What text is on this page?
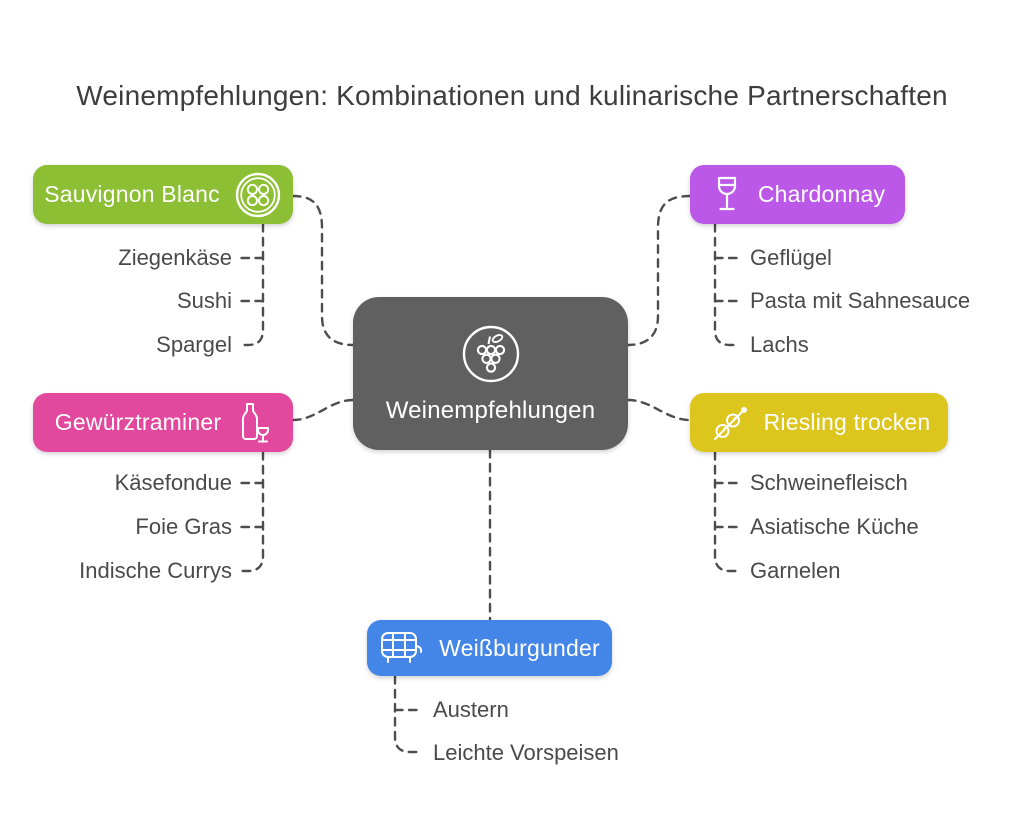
Weinempfehlungen: Kombinationen und kulinarische Partnerschaften
Weinempfehlungen
Sauvignon Blanc	Chardonnay
Gewürztraminer	Riesling trocken
Weißburgunder
Ziegenkäse
Sushi
Spargel
Geflügel
Pasta mit Sahnesauce
Lachs
Käsefondue
Foie Gras
Indische Currys
Schweinefleisch
Asiatische Küche
Garnelen
Austern
Leichte Vorspeisen
